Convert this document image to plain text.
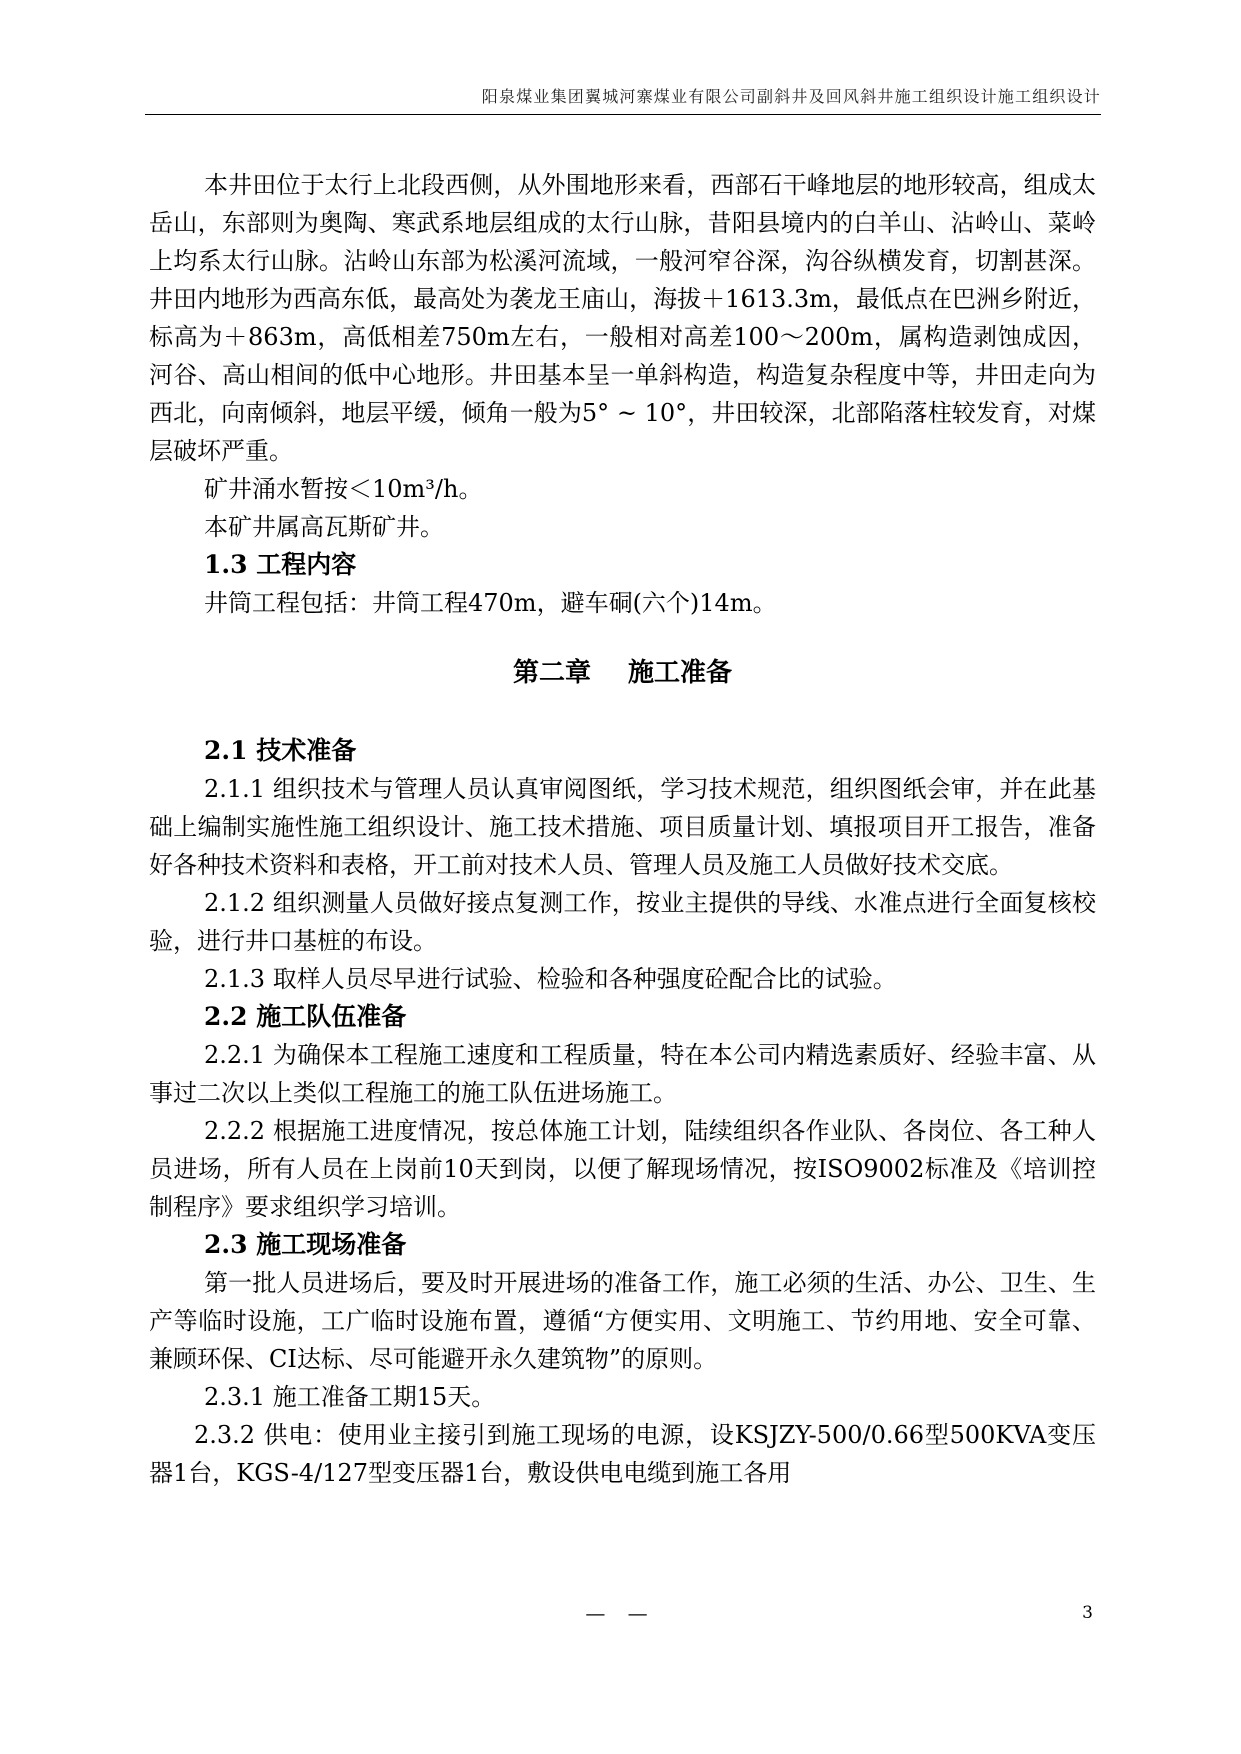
阳泉煤业集团翼城河寨煤业有限公司副斜井及回风斜井施工组织设计施工组织设计

本井田位于太行上北段西侧，从外围地形来看，西部石干峰地层的地形较高，组成太岳山，东部则为奥陶、寒武系地层组成的太行山脉，昔阳县境内的白羊山、沾岭山、菜岭上均系太行山脉。沾岭山东部为松溪河流域，一般河窄谷深，沟谷纵横发育，切割甚深。井田内地形为西高东低，最高处为袭龙王庙山，海拔＋1613.3m，最低点在巴洲乡附近，标高为＋863m，高低相差750m左右，一般相对高差100～200m，属构造剥蚀成因，河谷、高山相间的低中心地形。井田基本呈一单斜构造，构造复杂程度中等，井田走向为西北，向南倾斜，地层平缓，倾角一般为5° ~ 10°，井田较深，北部陷落柱较发育，对煤层破坏严重。

矿井涌水暂按＜10m³/h。

本矿井属高瓦斯矿井。

1.3 工程内容

井筒工程包括：井筒工程470m，避车硐(六个)14m。

第二章 施工准备

2.1 技术准备

2.1.1 组织技术与管理人员认真审阅图纸，学习技术规范，组织图纸会审，并在此基础上编制实施性施工组织设计、施工技术措施、项目质量计划、填报项目开工报告，准备好各种技术资料和表格，开工前对技术人员、管理人员及施工人员做好技术交底。

2.1.2 组织测量人员做好接点复测工作，按业主提供的导线、水准点进行全面复核校验，进行井口基桩的布设。

2.1.3 取样人员尽早进行试验、检验和各种强度砼配合比的试验。

2.2 施工队伍准备

2.2.1 为确保本工程施工速度和工程质量，特在本公司内精选素质好、经验丰富、从事过二次以上类似工程施工的施工队伍进场施工。

2.2.2 根据施工进度情况，按总体施工计划，陆续组织各作业队、各岗位、各工种人员进场，所有人员在上岗前10天到岗，以便了解现场情况，按ISO9002标准及《培训控制程序》要求组织学习培训。

2.3 施工现场准备

第一批人员进场后，要及时开展进场的准备工作，施工必须的生活、办公、卫生、生产等临时设施，工广临时设施布置，遵循“方便实用、文明施工、节约用地、安全可靠、兼顾环保、CI达标、尽可能避开永久建筑物”的原则。

2.3.1 施工准备工期15天。

2.3.2 供电：使用业主接引到施工现场的电源，设KSJZY-500/0.66型500KVA变压器1台，KGS-4/127型变压器1台，敷设供电电缆到施工各用

— —	3
